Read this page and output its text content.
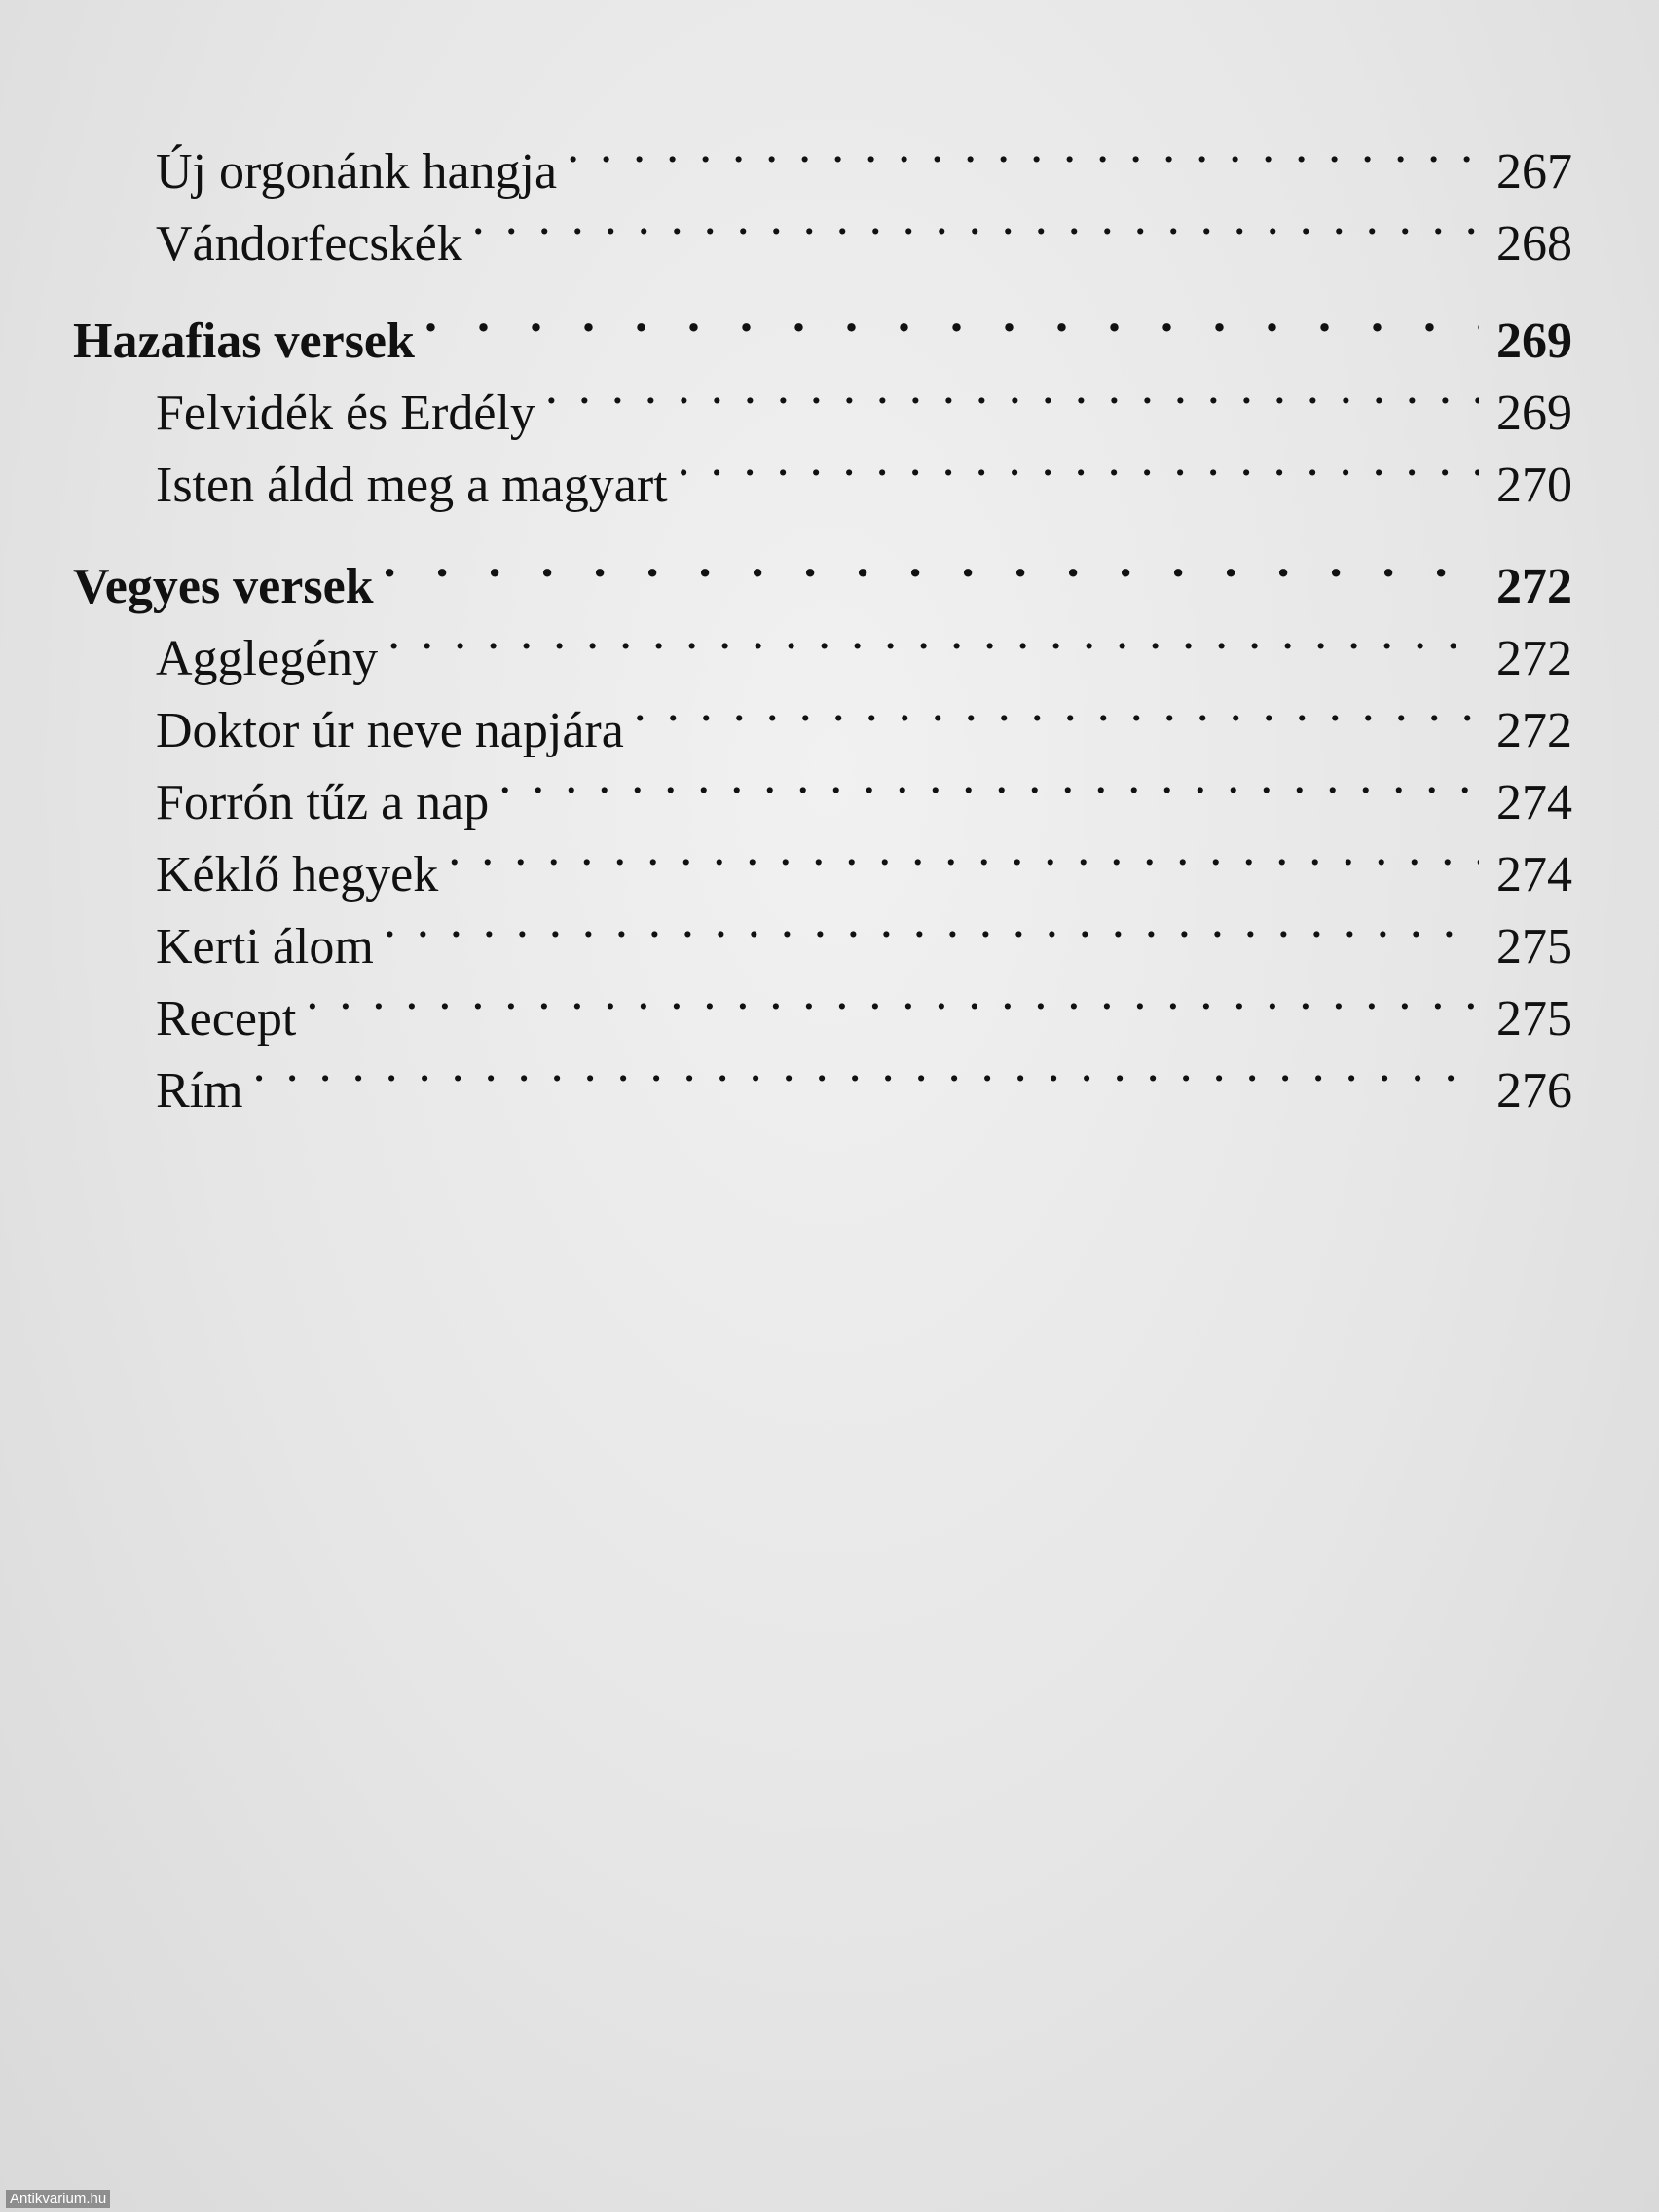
Új orgonánk hangja . . .	267
Vándorfecskék . . .	268
Hazafias versek . . .	269
Felvidék és Erdély . . .	269
Isten áldd meg a magyart . . .	270
Vegyes versek . . .	272
Agglegény . . .	272
Doktor úr neve napjára . . .	272
Forrón tűz a nap . . .	274
Kéklő hegyek . . .	274
Kerti álom . . .	275
Recept . . .	275
Rím . . .	276
Antikvarium.hu
